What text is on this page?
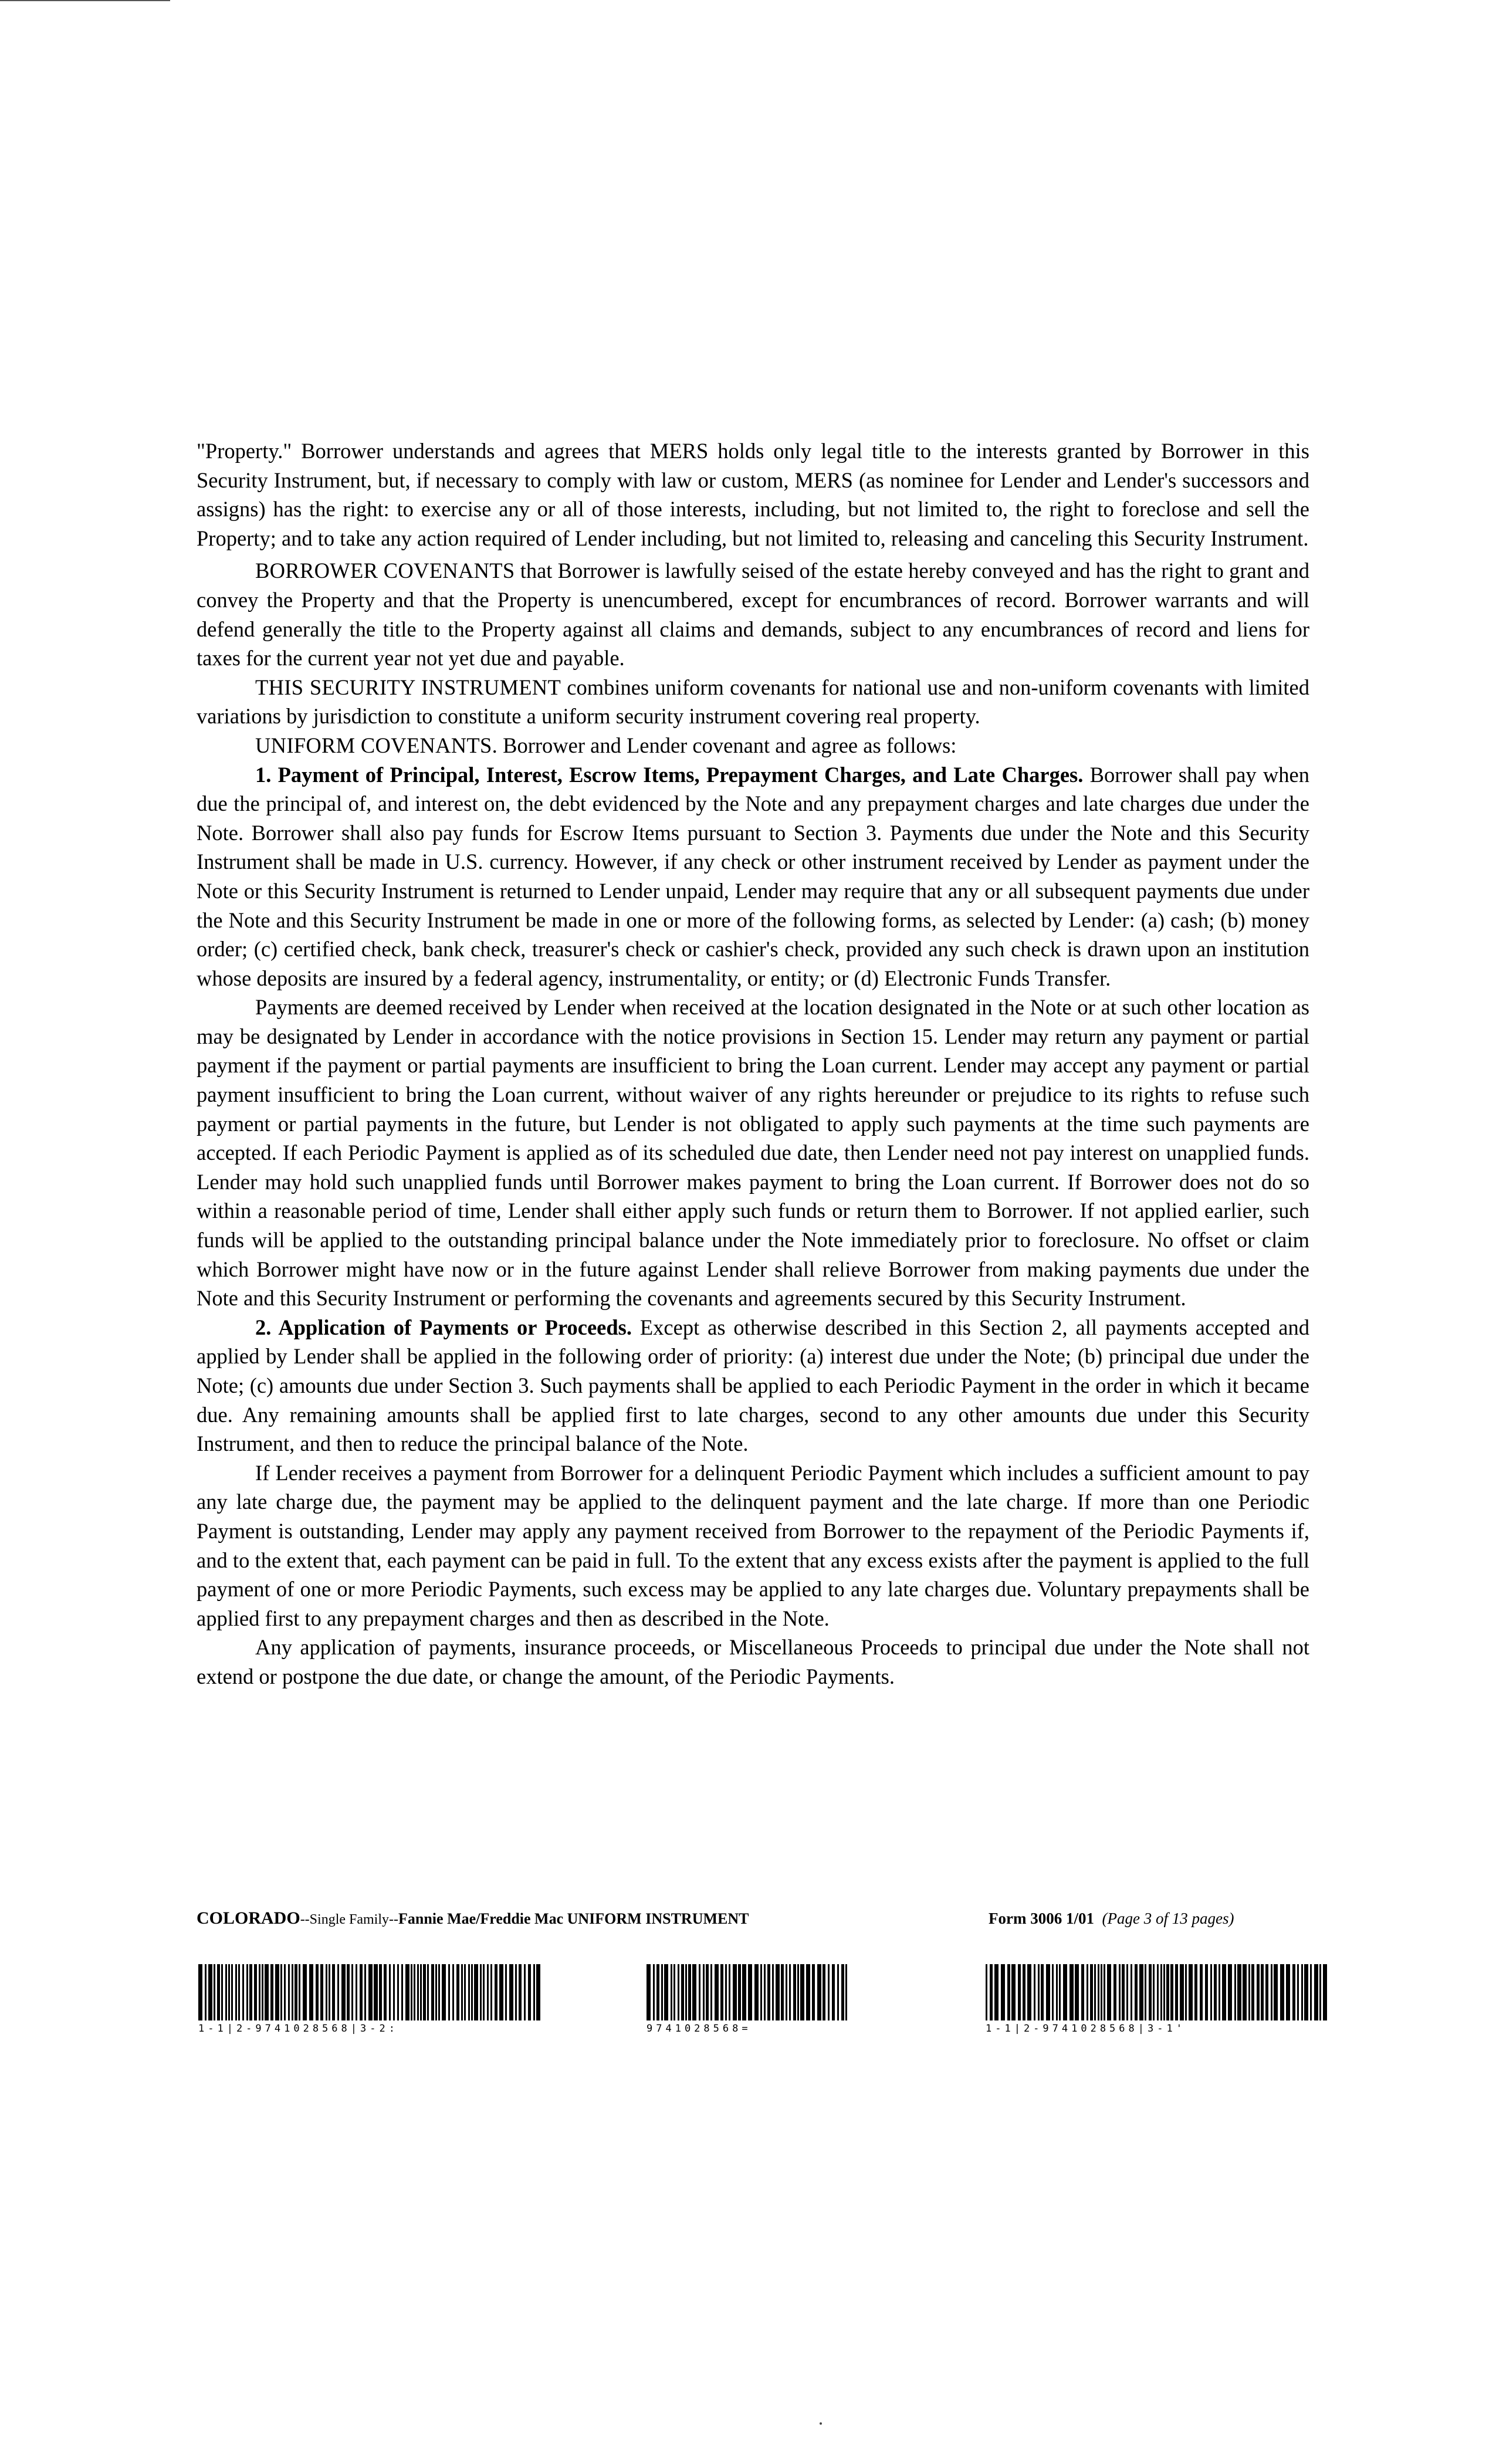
"Property." Borrower understands and agrees that MERS holds only legal title to the interests granted by Borrower in this Security Instrument, but, if necessary to comply with law or custom, MERS (as nominee for Lender and Lender's successors and assigns) has the right: to exercise any or all of those interests, including, but not limited to, the right to foreclose and sell the Property; and to take any action required of Lender including, but not limited to, releasing and canceling this Security Instrument.

BORROWER COVENANTS that Borrower is lawfully seised of the estate hereby conveyed and has the right to grant and convey the Property and that the Property is unencumbered, except for encumbrances of record. Borrower warrants and will defend generally the title to the Property against all claims and demands, subject to any encumbrances of record and liens for taxes for the current year not yet due and payable.

THIS SECURITY INSTRUMENT combines uniform covenants for national use and non-uniform covenants with limited variations by jurisdiction to constitute a uniform security instrument covering real property.

UNIFORM COVENANTS. Borrower and Lender covenant and agree as follows:

1. Payment of Principal, Interest, Escrow Items, Prepayment Charges, and Late Charges. Borrower shall pay when due the principal of, and interest on, the debt evidenced by the Note and any prepayment charges and late charges due under the Note. Borrower shall also pay funds for Escrow Items pursuant to Section 3. Payments due under the Note and this Security Instrument shall be made in U.S. currency. However, if any check or other instrument received by Lender as payment under the Note or this Security Instrument is returned to Lender unpaid, Lender may require that any or all subsequent payments due under the Note and this Security Instrument be made in one or more of the following forms, as selected by Lender: (a) cash; (b) money order; (c) certified check, bank check, treasurer's check or cashier's check, provided any such check is drawn upon an institution whose deposits are insured by a federal agency, instrumentality, or entity; or (d) Electronic Funds Transfer.

Payments are deemed received by Lender when received at the location designated in the Note or at such other location as may be designated by Lender in accordance with the notice provisions in Section 15. Lender may return any payment or partial payment if the payment or partial payments are insufficient to bring the Loan current. Lender may accept any payment or partial payment insufficient to bring the Loan current, without waiver of any rights hereunder or prejudice to its rights to refuse such payment or partial payments in the future, but Lender is not obligated to apply such payments at the time such payments are accepted. If each Periodic Payment is applied as of its scheduled due date, then Lender need not pay interest on unapplied funds. Lender may hold such unapplied funds until Borrower makes payment to bring the Loan current. If Borrower does not do so within a reasonable period of time, Lender shall either apply such funds or return them to Borrower. If not applied earlier, such funds will be applied to the outstanding principal balance under the Note immediately prior to foreclosure. No offset or claim which Borrower might have now or in the future against Lender shall relieve Borrower from making payments due under the Note and this Security Instrument or performing the covenants and agreements secured by this Security Instrument.

2. Application of Payments or Proceeds. Except as otherwise described in this Section 2, all payments accepted and applied by Lender shall be applied in the following order of priority: (a) interest due under the Note; (b) principal due under the Note; (c) amounts due under Section 3. Such payments shall be applied to each Periodic Payment in the order in which it became due. Any remaining amounts shall be applied first to late charges, second to any other amounts due under this Security Instrument, and then to reduce the principal balance of the Note.

If Lender receives a payment from Borrower for a delinquent Periodic Payment which includes a sufficient amount to pay any late charge due, the payment may be applied to the delinquent payment and the late charge. If more than one Periodic Payment is outstanding, Lender may apply any payment received from Borrower to the repayment of the Periodic Payments if, and to the extent that, each payment can be paid in full. To the extent that any excess exists after the payment is applied to the full payment of one or more Periodic Payments, such excess may be applied to any late charges due. Voluntary prepayments shall be applied first to any prepayment charges and then as described in the Note.

Any application of payments, insurance proceeds, or Miscellaneous Proceeds to principal due under the Note shall not extend or postpone the due date, or change the amount, of the Periodic Payments.

COLORADO--Single Family--Fannie Mae/Freddie Mac UNIFORM INSTRUMENT	Form 3006 1/01 (Page 3 of 13 pages)
1-1|2-9741028568|3-2:	9741028568=	1-1|2-9741028568|3-1'
